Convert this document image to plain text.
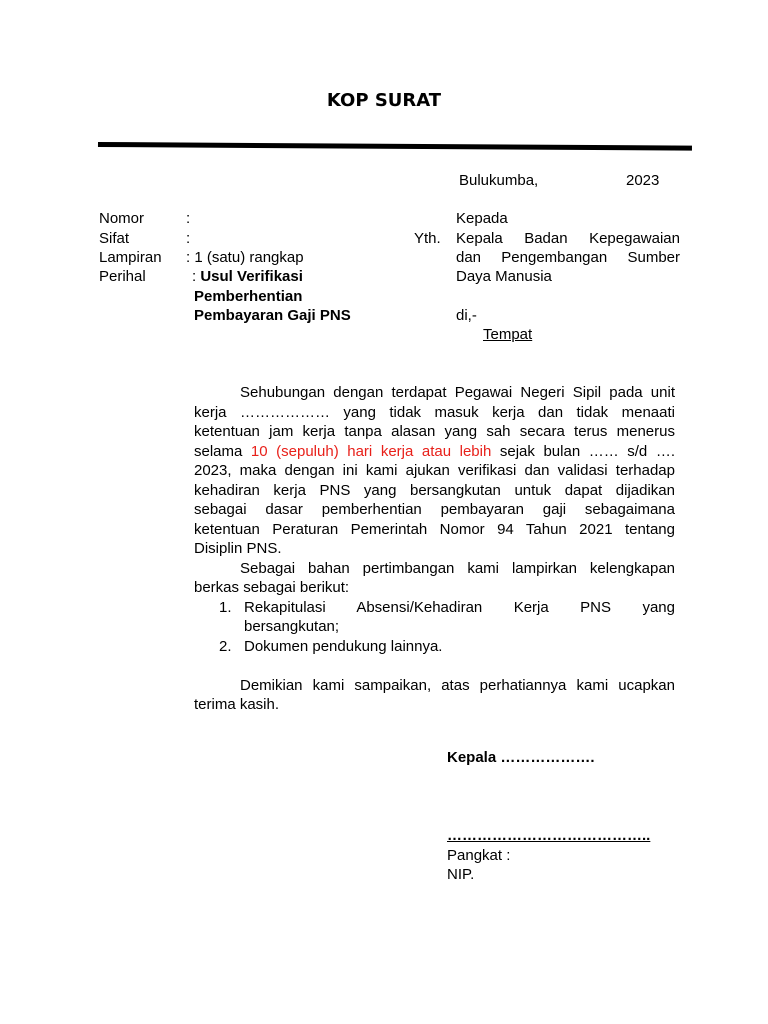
KOP SURAT
Bulukumba,	2023
Nomor	:
Sifat	:
Lampiran : 1 (satu) rangkap
Perihal	: Usul Verifikasi
Pemberhentian
Pembayaran Gaji PNS
Kepada
Yth. Kepala Badan Kepegawaian
dan Pengembangan Sumber
Daya Manusia
di,-
Tempat

Sehubungan dengan terdapat Pegawai Negeri Sipil pada unit

kerja ……………… yang tidak masuk kerja dan tidak menaati

ketentuan jam kerja tanpa alasan yang sah secara terus menerus

selama 10 (sepuluh) hari kerja atau lebih sejak bulan …… s/d ….

2023, maka dengan ini kami ajukan verifikasi dan validasi terhadap

kehadiran kerja PNS yang bersangkutan untuk dapat dijadikan

sebagai dasar pemberhentian pembayaran gaji sebagaimana

ketentuan Peraturan Pemerintah Nomor 94 Tahun 2021 tentang

Disiplin PNS.

Sebagai bahan pertimbangan kami lampirkan kelengkapan

berkas sebagai berikut:

1. Rekapitulasi Absensi/Kehadiran Kerja PNS yang

bersangkutan;

2. Dokumen pendukung lainnya.

Demikian kami sampaikan, atas perhatiannya kami ucapkan

terima kasih.

Kepala ……………….
…………………………………..
Pangkat :
NIP.
